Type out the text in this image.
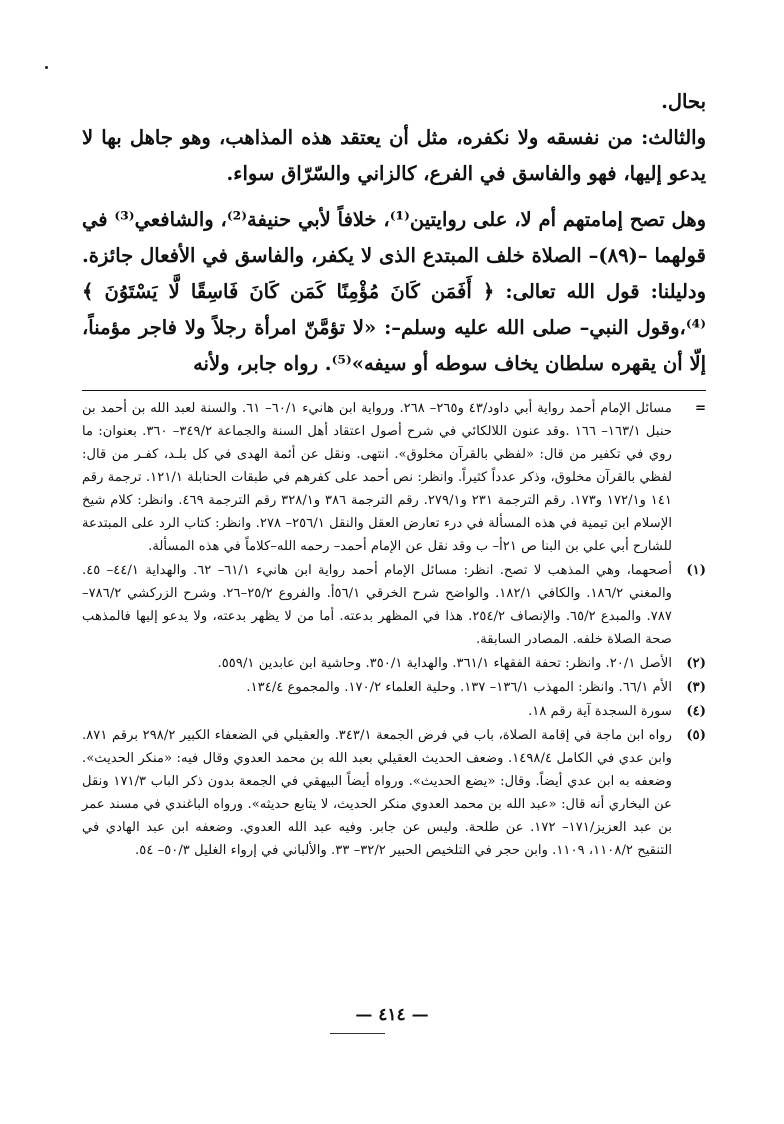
بحال.

والثالث: من نفسقه ولا نكفره، مثل أن يعتقد هذه المذاهب، وهو جاهل بها لا يدعو إليها، فهو والفاسق في الفرع، كالزاني والسّرّاق سواء.

وهل تصح إمامتهم أم لا، على روايتين⁽¹⁾، خلافاً لأبي حنيفة⁽²⁾، والشافعي⁽³⁾ في قولهما –(٨٩)– الصلاة خلف المبتدع الذى لا يكفر، والفاسق في الأفعال جائزة. ودليلنا: قول الله تعالى: ﴿ أَفَمَن كَانَ مُؤْمِنًا كَمَن كَانَ فَاسِقًا لَّا يَسْتَوُنَ ﴾⁽⁴⁾،وقول النبي– صلى الله عليه وسلم–: «لا تؤمَّنّ امرأة رجلاً ولا فاجر مؤمناً، إلّا أن يقهره سلطان يخاف سوطه أو سيفه»⁽⁵⁾. رواه جابر، ولأنه

=
مسائل الإمام أحمد رواية أبي داود/٤٣ و٢٦٥– ٢٦٨. ورواية ابن هانيء ٦٠/١– ٦١. والسنة لعبد الله بن أحمد بن حنبل ١٦٣/١– ١٦٦ .وقد عنون اللالكائي في شرح أصول اعتقاد أهل السنة والجماعة ٣٤٩/٢– ٣٦٠. بعنوان: ما روي في تكفير من قال: «لفظي بالقرآن مخلوق». انتهى. ونقل عن أئمة الهدى في كل بلـد، كفـر من قال: لفظي بالقرآن مخلوق، وذكر عدداً كثيراً. وانظر: نص أحمد على كفرهم في طبقات الحنابلة ١٢١/١. ترجمة رقم ١٤١ و١٧٢/١ و١٧٣. رقم الترجمة ٢٣١ و٢٧٩/١. رقم الترجمة ٣٨٦ و٣٢٨/١ رقم الترجمة ٤٦٩. وانظر: كلام شيخ الإسلام ابن تيمية في هذه المسألة في درء تعارض العقل والنقل ٢٥٦/١– ٢٧٨. وانظر: كتاب الرد على المبتدعة للشارح أبي علي بن البنا ص ٢١أ– ب وقد نقل عن الإمام أحمد– رحمه الله–كلاماً في هذه المسألة.
(١)
أصحهما، وهي المذهب لا تصح. انظر: مسائل الإمام أحمد رواية ابن هانيء ٦١/١– ٦٢. والهداية ٤٤/١– ٤٥. والمغني ١٨٦/٢. والكافي ١٨٢/١. والواضح شرح الخرقي ٥٦/١أ. والفروع ٢٥/٢–٢٦. وشرح الزركشي ٧٨٦/٢– ٧٨٧. والمبدع ٦٥/٢. والإنصاف ٢٥٤/٢. هذا في المظهر بدعته. أما من لا يظهر بدعته، ولا يدعو إليها فالمذهب صحة الصلاة خلفه. المصادر السابقة.
(٢)
الأصل ٢٠/١. وانظر: تحفة الفقهاء ٣٦١/١. والهداية ٣٥٠/١. وحاشية ابن عابدين ٥٥٩/١.
(٣)
الأم ٦٦/١. وانظر: المهذب ١٣٦/١– ١٣٧. وحلية العلماء ١٧٠/٢. والمجموع ١٣٤/٤.
(٤)
سورة السجدة آية رقم ١٨.
(٥)
رواه ابن ماجة في إقامة الصلاة، باب في فرض الجمعة ٣٤٣/١. والعقيلي في الضعفاء الكبير ٢٩٨/٢ برقم ٨٧١. وابن عدي في الكامل ١٤٩٨/٤. وضعف الحديث العقيلي بعبد الله بن محمد العدوي وقال فيه: «منكر الحديث». وضعفه به ابن عدي أيضاً. وقال: «يضع الحديث». ورواه أيضاً البيهقي في الجمعة بدون ذكر الباب ١٧١/٣ ونقل عن البخاري أنه قال: «عبد الله بن محمد العدوي منكر الحديث، لا يتابع حديثه». ورواه الباغندي في مسند عمر بن عبد العزيز/١٧١– ١٧٢. عن طلحة. وليس عن جابر. وفيه عبد الله العدوي. وضعفه ابن عبد الهادي في التنقيح ١١٠٨/٢، ١١٠٩. وابن حجر في التلخيص الحبير ٣٢/٢– ٣٣. والألباني في إرواء الغليل ٥٠/٣– ٥٤.
— ٤١٤ —
